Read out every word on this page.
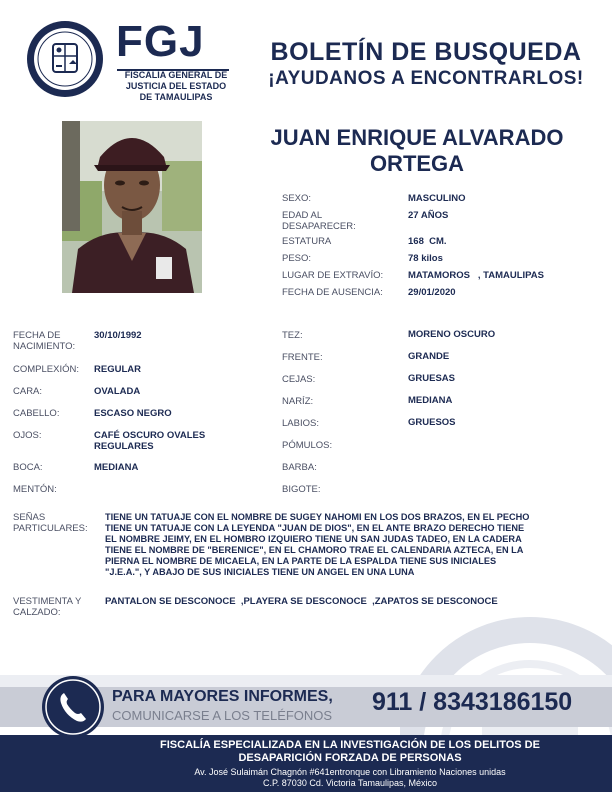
FGJ
FISCALÍA GENERAL DE
JUSTICIA DEL ESTADO
DE TAMAULIPAS
BOLETÍN DE BUSQUEDA
¡AYUDANOS A ENCONTRARLOS!
JUAN ENRIQUE ALVARADO
ORTEGA
SEXO:	MASCULINO
EDAD AL
DESAPARECER:
27 AÑOS
ESTATURA	168  CM.
PESO:	78 kilos
LUGAR DE EXTRAVÍO:	MATAMOROS   , TAMAULIPAS
FECHA DE AUSENCIA:	29/01/2020
FECHA DE
NACIMIENTO:
30/10/1992
COMPLEXIÓN: REGULAR
CARA:	OVALADA
CABELLO:	ESCASO NEGRO
OJOS:	CAFÉ OSCURO OVALES
REGULARES
BOCA:	MEDIANA
MENTÓN:
TEZ:	MORENO OSCURO
FRENTE:	GRANDE
CEJAS:	GRUESAS
NARÍZ:	MEDIANA
LABIOS:	GRUESOS
PÓMULOS:
BARBA:
BIGOTE:
SEÑAS
PARTICULARES:
TIENE UN TATUAJE CON EL NOMBRE DE SUGEY NAHOMI EN LOS DOS BRAZOS, EN EL PECHO
TIENE UN TATUAJE CON LA LEYENDA "JUAN DE DIOS", EN EL ANTE BRAZO DERECHO TIENE
EL NOMBRE JEIMY, EN EL HOMBRO IZQUIERO TIENE UN SAN JUDAS TADEO, EN LA CADERA
TIENE EL NOMBRE DE "BERENICE", EN EL CHAMORO TRAE EL CALENDARIA AZTECA, EN LA
PIERNA EL NOMBRE DE MICAELA, EN LA PARTE DE LA ESPALDA TIENE SUS INICIALES
"J.E.A.", Y ABAJO DE SUS INICIALES TIENE UN ANGEL EN UNA LUNA
VESTIMENTA Y
CALZADO:
PANTALON SE DESCONOCE  ,PLAYERA SE DESCONOCE  ,ZAPATOS SE DESCONOCE
PARA MAYORES INFORMES,
COMUNICARSE A LOS TELÉFONOS 911 / 8343186150
FISCALÍA ESPECIALIZADA EN LA INVESTIGACIÓN DE LOS DELITOS DE
DESAPARICIÓN FORZADA DE PERSONAS
Av. José Sulaimán Chagnón #641entronque con Libramiento Naciones unidas
C.P. 87030 Cd. Victoria Tamaulipas, México
